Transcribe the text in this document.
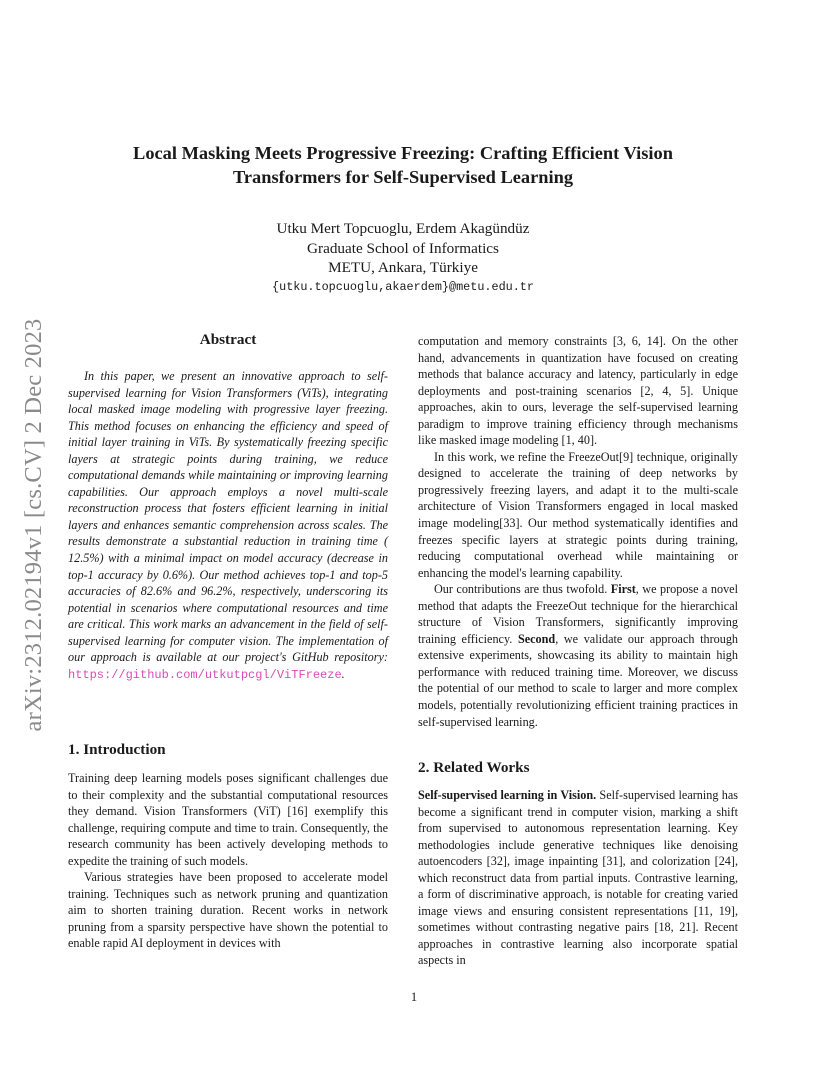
arXiv:2312.02194v1 [cs.CV] 2 Dec 2023
Local Masking Meets Progressive Freezing: Crafting Efficient Vision
Transformers for Self-Supervised Learning
Utku Mert Topcuoglu, Erdem Akagündüz
Graduate School of Informatics
METU, Ankara, Türkiye
{utku.topcuoglu,akaerdem}@metu.edu.tr
Abstract

In this paper, we present an innovative approach to self-supervised learning for Vision Transformers (ViTs), integrating local masked image modeling with progressive layer freezing. This method focuses on enhancing the efficiency and speed of initial layer training in ViTs. By systematically freezing specific layers at strategic points during training, we reduce computational demands while maintaining or improving learning capabilities. Our approach employs a novel multi-scale reconstruction process that fosters efficient learning in initial layers and enhances semantic comprehension across scales. The results demonstrate a substantial reduction in training time ( 12.5%) with a minimal impact on model accuracy (decrease in top-1 accuracy by 0.6%). Our method achieves top-1 and top-5 accuracies of 82.6% and 96.2%, respectively, underscoring its potential in scenarios where computational resources and time are critical. This work marks an advancement in the field of self-supervised learning for computer vision. The implementation of our approach is available at our project's GitHub repository: https://github.com/utkutpcgl/ViTFreeze.

1. Introduction

Training deep learning models poses significant challenges due to their complexity and the substantial computational resources they demand. Vision Transformers (ViT) [16] exemplify this challenge, requiring compute and time to train. Consequently, the research community has been actively developing methods to expedite the training of such models.

Various strategies have been proposed to accelerate model training. Techniques such as network pruning and quantization aim to shorten training duration. Recent works in network pruning from a sparsity perspective have shown the potential to enable rapid AI deployment in devices with

computation and memory constraints [3, 6, 14]. On the other hand, advancements in quantization have focused on creating methods that balance accuracy and latency, particularly in edge deployments and post-training scenarios [2, 4, 5]. Unique approaches, akin to ours, leverage the self-supervised learning paradigm to improve training efficiency through mechanisms like masked image modeling [1, 40].

In this work, we refine the FreezeOut[9] technique, originally designed to accelerate the training of deep networks by progressively freezing layers, and adapt it to the multi-scale architecture of Vision Transformers engaged in local masked image modeling[33]. Our method systematically identifies and freezes specific layers at strategic points during training, reducing computational overhead while maintaining or enhancing the model's learning capability.

Our contributions are thus twofold. First, we propose a novel method that adapts the FreezeOut technique for the hierarchical structure of Vision Transformers, significantly improving training efficiency. Second, we validate our approach through extensive experiments, showcasing its ability to maintain high performance with reduced training time. Moreover, we discuss the potential of our method to scale to larger and more complex models, potentially revolutionizing efficient training practices in self-supervised learning.

2. Related Works

Self-supervised learning in Vision. Self-supervised learning has become a significant trend in computer vision, marking a shift from supervised to autonomous representation learning. Key methodologies include generative techniques like denoising autoencoders [32], image inpainting [31], and colorization [24], which reconstruct data from partial inputs. Contrastive learning, a form of discriminative approach, is notable for creating varied image views and ensuring consistent representations [11, 19], sometimes without contrasting negative pairs [18, 21]. Recent approaches in contrastive learning also incorporate spatial aspects in

1
